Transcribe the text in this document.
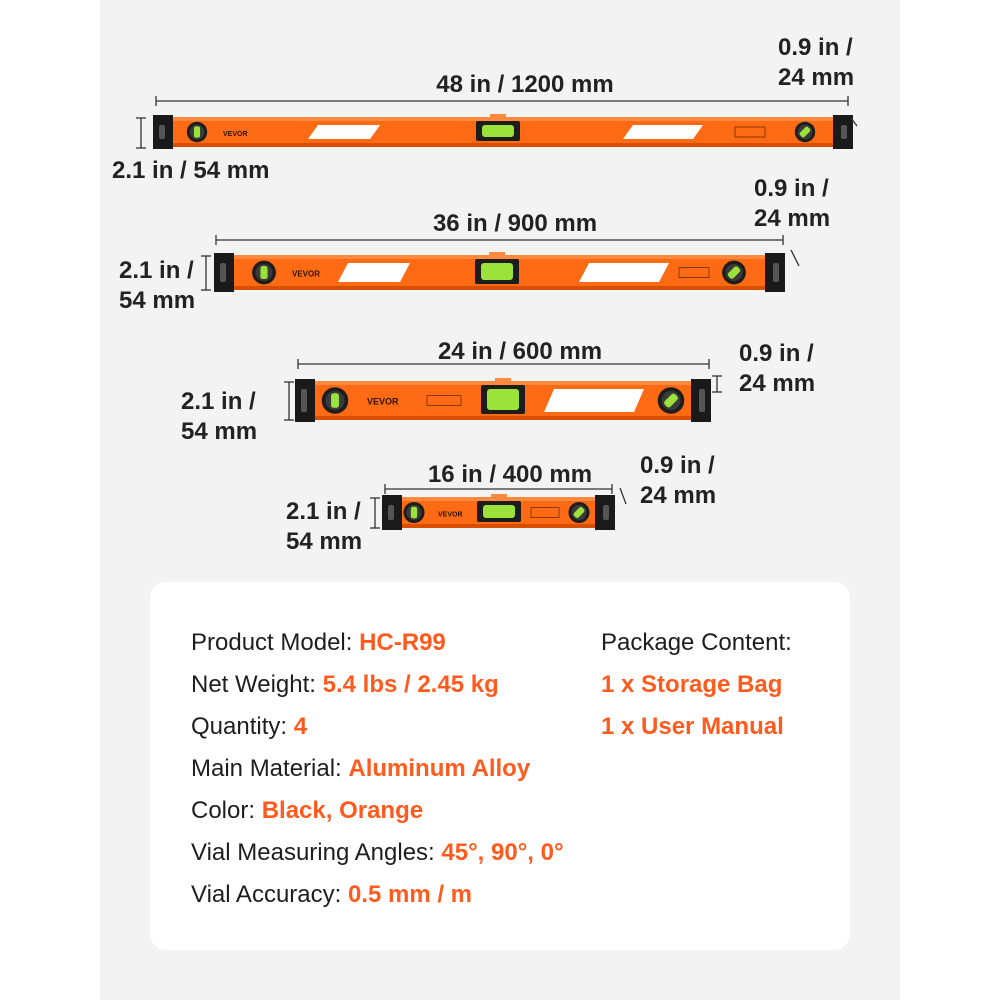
VEVOR
VEVOR
VEVOR
VEVOR
48 in / 1200 mm
2.1 in / 54 mm
0.9 in /
24 mm
36 in / 900 mm
2.1 in /
54 mm
0.9 in /
24 mm
24 in / 600 mm
2.1 in /
54 mm
0.9 in /
24 mm
16 in / 400 mm
2.1 in /
54 mm
0.9 in /
24 mm
Product Model: HC-R99
Net Weight: 5.4 lbs / 2.45 kg
Quantity: 4
Main Material: Aluminum Alloy
Color: Black, Orange
Vial Measuring Angles: 45°, 90°, 0°
Vial Accuracy: 0.5 mm / m
Package Content:
1 x Storage Bag
1 x User Manual
